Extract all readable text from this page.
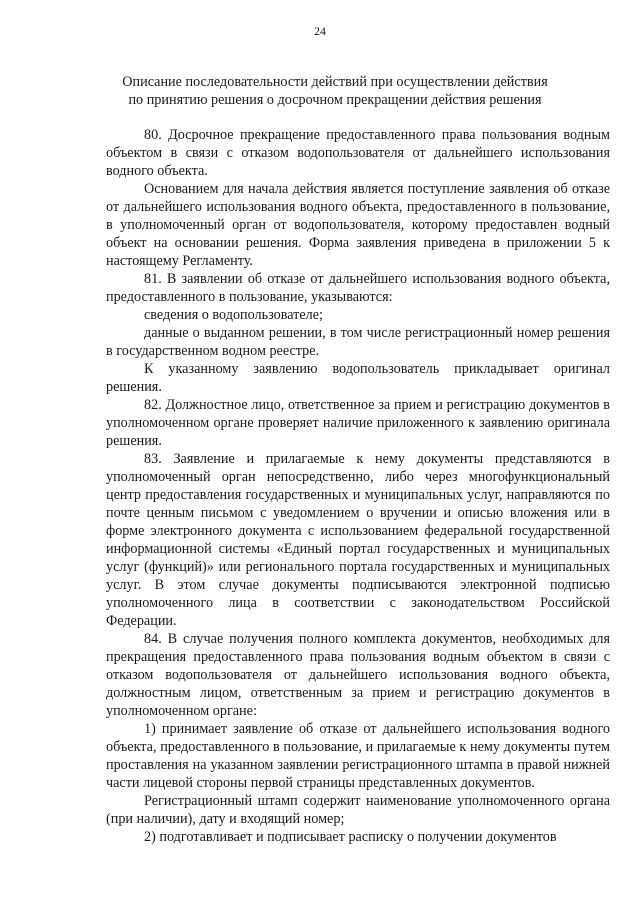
24
Описание последовательности действий при осуществлении действия
по принятию решения о досрочном прекращении действия решения

80. Досрочное прекращение предоставленного права пользования водным объектом в связи с отказом водопользователя от дальнейшего использования водного объекта.

Основанием для начала действия является поступление заявления об отказе от дальнейшего использования водного объекта, предоставленного в пользование, в уполномоченный орган от водопользователя, которому предоставлен водный объект на основании решения. Форма заявления приведена в приложении 5 к настоящему Регламенту.

81. В заявлении об отказе от дальнейшего использования водного объекта, предоставленного в пользование, указываются:

сведения о водопользователе;

данные о выданном решении, в том числе регистрационный номер решения в государственном водном реестре.

К указанному заявлению водопользователь прикладывает оригинал решения.

82. Должностное лицо, ответственное за прием и регистрацию документов в уполномоченном органе проверяет наличие приложенного к заявлению оригинала решения.

83. Заявление и прилагаемые к нему документы представляются в уполномоченный орган непосредственно, либо через многофункциональный центр предоставления государственных и муниципальных услуг, направляются по почте ценным письмом с уведомлением о вручении и описью вложения или в форме электронного документа с использованием федеральной государственной информационной системы «Единый портал государственных и муниципальных услуг (функций)» или регионального портала государственных и муниципальных услуг. В этом случае документы подписываются электронной подписью уполномоченного лица в соответствии с законодательством Российской Федерации.

84. В случае получения полного комплекта документов, необходимых для прекращения предоставленного права пользования водным объектом в связи с отказом водопользователя от дальнейшего использования водного объекта, должностным лицом, ответственным за прием и регистрацию документов в уполномоченном органе:

1) принимает заявление об отказе от дальнейшего использования водного объекта, предоставленного в пользование, и прилагаемые к нему документы путем проставления на указанном заявлении регистрационного штампа в правой нижней части лицевой стороны первой страницы представленных документов.

Регистрационный штамп содержит наименование уполномоченного органа (при наличии), дату и входящий номер;

2) подготавливает и подписывает расписку о получении документов
